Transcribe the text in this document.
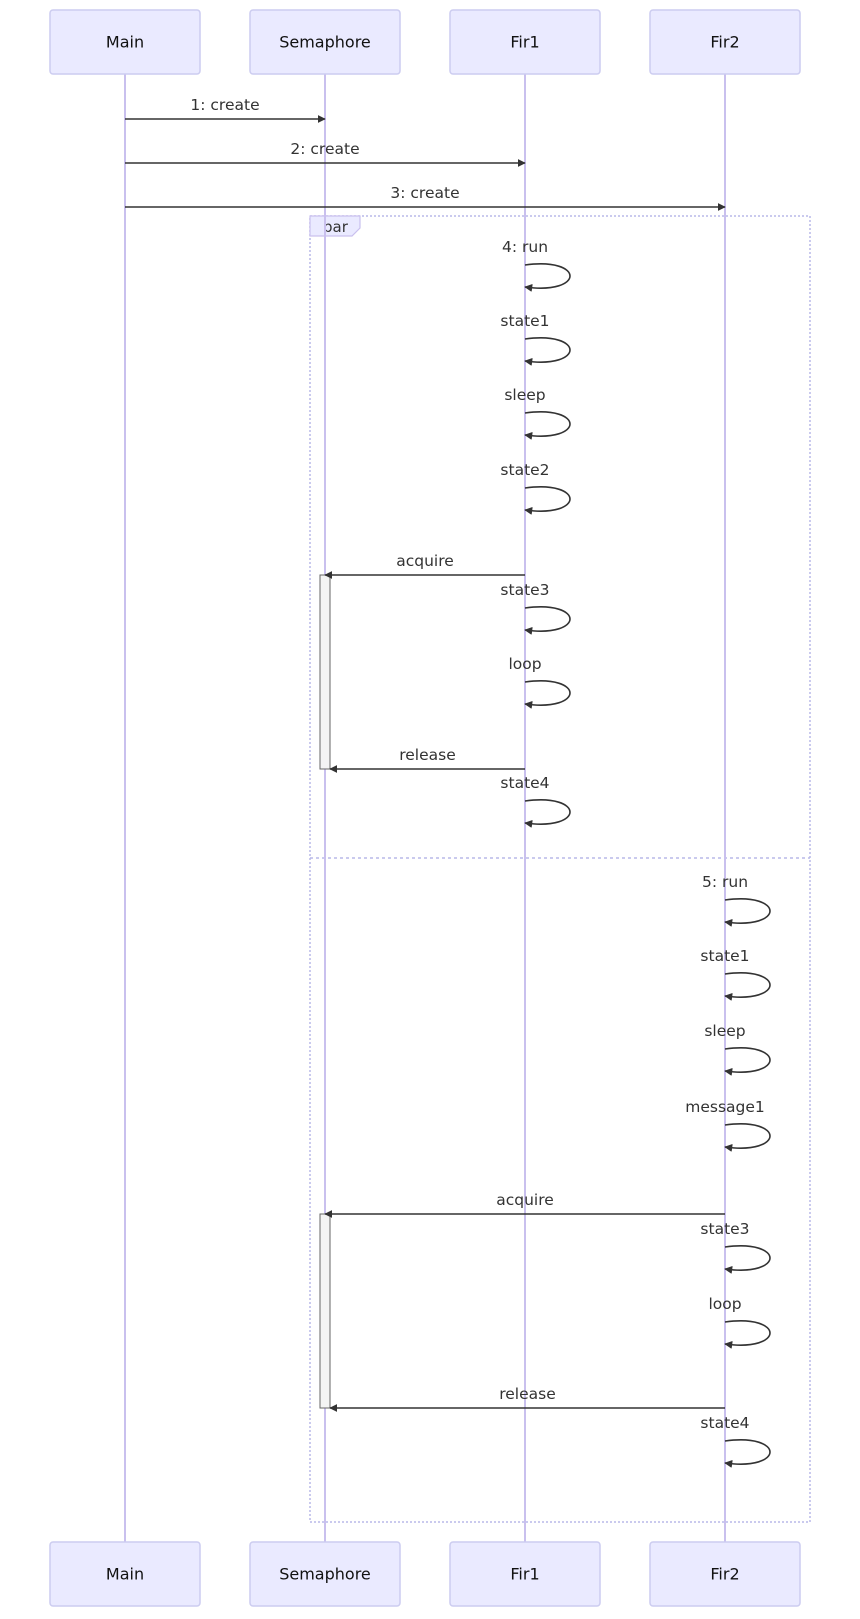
par
Main
Main
Semaphore
Semaphore
Fir1
Fir1
Fir2
Fir2
1: create
2: create
3: create
4: run
state1
sleep
state2
acquire
state3
loop
release
state4
5: run
state1
sleep
message1
acquire
state3
loop
release
state4
